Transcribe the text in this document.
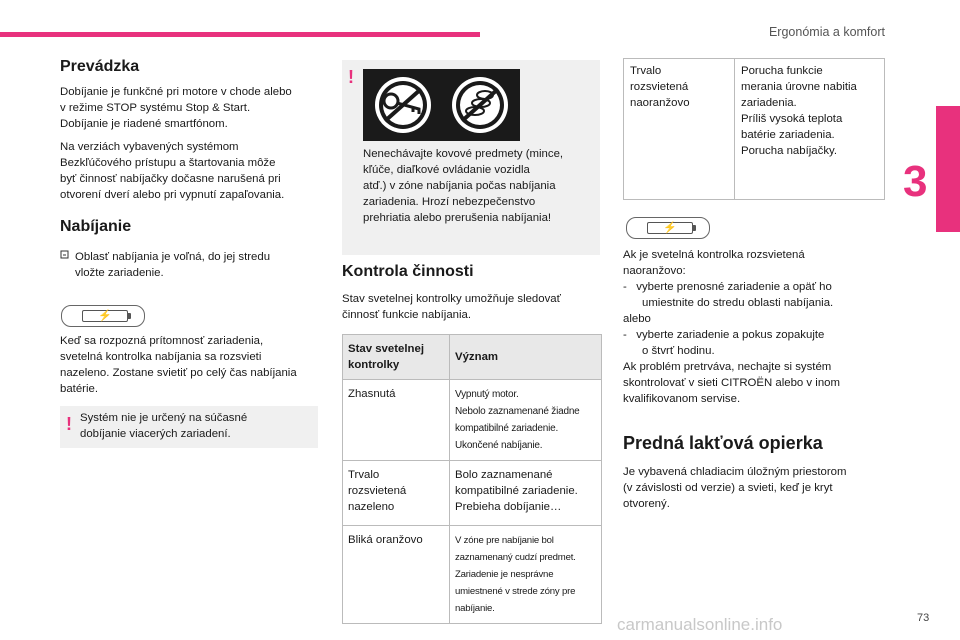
Ergonómia a komfort
3
73
carmanualsonline.info
Prevádzka

Dobíjanie je funkčné pri motore v chode alebo
v režime STOP systému Stop & Start.
Dobíjanie je riadené smartfónom.

Na verziách vybavených systémom
Bezkľúčového prístupu a štartovania môže
byť činnosť nabíjačky dočasne narušená pri
otvorení dverí alebo pri vypnutí zapaľovania.

Nabíjanie

Oblasť nabíjania je voľná, do jej stredu
vložte zariadenie.

⚡

Keď sa rozpozná prítomnosť zariadenia,
svetelná kontrolka nabíjania sa rozsvieti
nazeleno. Zostane svietiť po celý čas nabíjania
batérie.

! Systém nie je určený na súčasné
dobíjanie viacerých zariadení.
!
Nenechávajte kovové predmety (mince,
kľúče, diaľkové ovládanie vozidla
atď.) v zóne nabíjania počas nabíjania
zariadenia. Hrozí nebezpečenstvo
prehriatia alebo prerušenia nabíjania!
Kontrola činnosti

Stav svetelnej kontrolky umožňuje sledovať
činnosť funkcie nabíjania.

Stav svetelnej
kontrolky	Význam
Zhasnutá	Vypnutý motor.
Nebolo zaznamenané žiadne
kompatibilné zariadenie.
Ukončené nabíjanie.
Trvalo
rozsvietená
nazeleno	Bolo zaznamenané
kompatibilné zariadenie.
Prebieha dobíjanie…
Bliká oranžovo	V zóne pre nabíjanie bol
zaznamenaný cudzí predmet.
Zariadenie je nesprávne
umiestnené v strede zóny pre
nabíjanie.
Trvalo
rozsvietená
naoranžovo	Porucha funkcie
merania úrovne nabitia
zariadenia.
Príliš vysoká teplota
batérie zariadenia.
Porucha nabíjačky.
⚡

Ak je svetelná kontrolka rozsvietená
naoranžovo:
-   vyberte prenosné zariadenie a opäť ho
umiestnite do stredu oblasti nabíjania.
alebo
-   vyberte zariadenie a pokus zopakujte
o štvrť hodinu.
Ak problém pretrváva, nechajte si systém
skontrolovať v sieti CITROËN alebo v inom
kvalifikovanom servise.

Predná lakťová opierka

Je vybavená chladiacim úložným priestorom
(v závislosti od verzie) a svieti, keď je kryt
otvorený.
